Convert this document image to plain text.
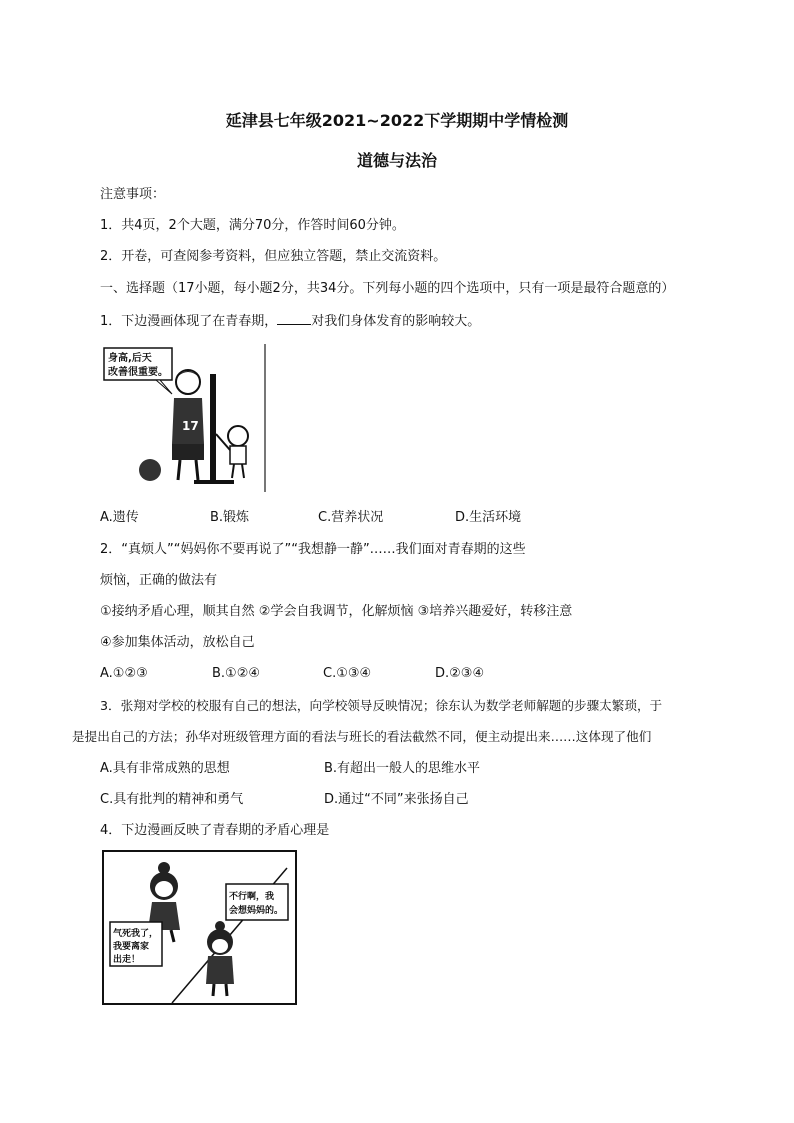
延津县七年级2021~2022下学期期中学情检测
道德与法治
注意事项：
1．共4页，2个大题，满分70分，作答时间60分钟。
2．开卷，可查阅参考资料，但应独立答题，禁止交流资料。
一、选择题（17小题，每小题2分，共34分。下列每小题的四个选项中，只有一项是最符合题意的）
1．下边漫画体现了在青春期，	对我们身体发育的影响较大。
身高,后天
改善很重要。
17
A.遗传	B.锻炼	C.营养状况	D.生活环境
2．“真烦人”“妈妈你不要再说了”“我想静一静”……我们面对青春期的这些
烦恼，正确的做法有
①接纳矛盾心理，顺其自然 ②学会自我调节，化解烦恼 ③培养兴趣爱好，转移注意
④参加集体活动，放松自己
A.①②③	B.①②④	C.①③④	D.②③④
3．张翔对学校的校服有自己的想法，向学校领导反映情况；徐东认为数学老师解题的步骤太繁琐，于
是提出自己的方法；孙华对班级管理方面的看法与班长的看法截然不同，便主动提出来……这体现了他们
A.具有非常成熟的思想	B.有超出一般人的思维水平
C.具有批判的精神和勇气	D.通过“不同”来张扬自己
4．下边漫画反映了青春期的矛盾心理是
气死我了，
我要离家
出走！
不行啊，我
会想妈妈的。
